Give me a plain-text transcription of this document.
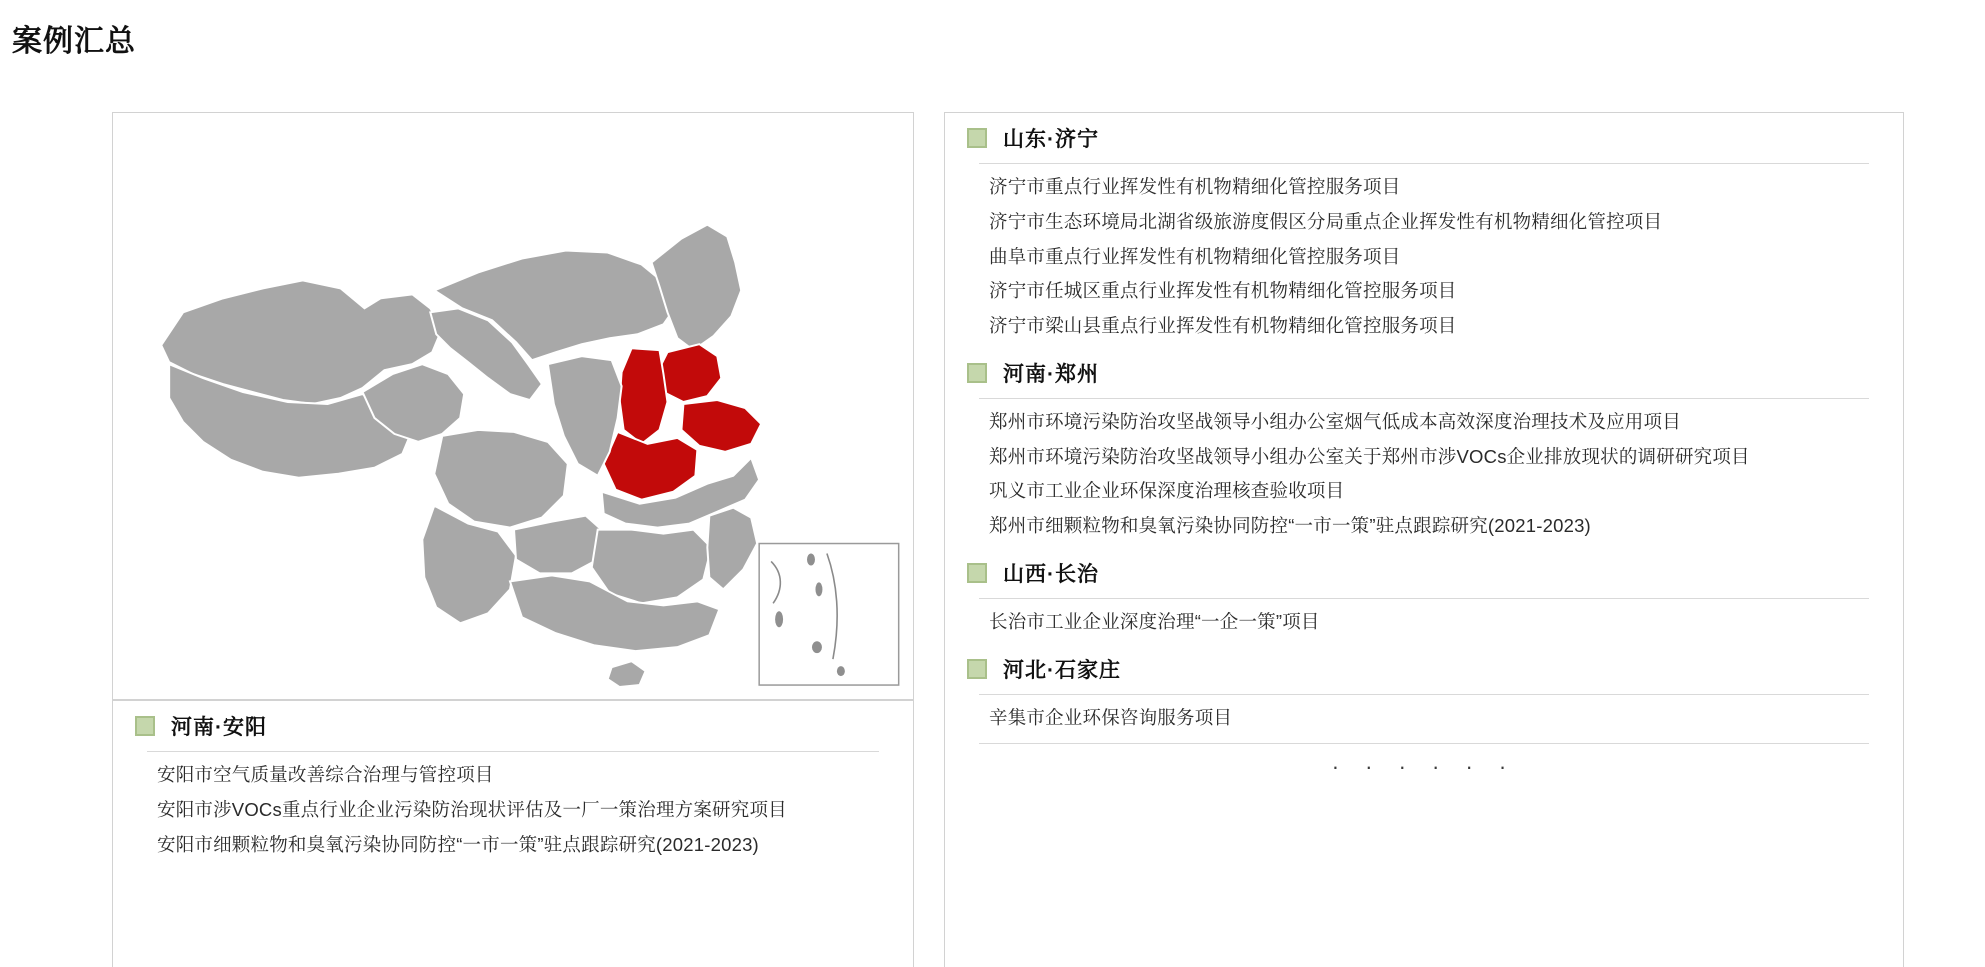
案例汇总
河南·安阳
安阳市空气质量改善综合治理与管控项目
安阳市涉VOCs重点行业企业污染防治现状评估及一厂一策治理方案研究项目
安阳市细颗粒物和臭氧污染协同防控“一市一策”驻点跟踪研究(2021-2023)
山东·济宁
济宁市重点行业挥发性有机物精细化管控服务项目
济宁市生态环境局北湖省级旅游度假区分局重点企业挥发性有机物精细化管控项目
曲阜市重点行业挥发性有机物精细化管控服务项目
济宁市任城区重点行业挥发性有机物精细化管控服务项目
济宁市梁山县重点行业挥发性有机物精细化管控服务项目
河南·郑州
郑州市环境污染防治攻坚战领导小组办公室烟气低成本高效深度治理技术及应用项目
郑州市环境污染防治攻坚战领导小组办公室关于郑州市涉VOCs企业排放现状的调研研究项目
巩义市工业企业环保深度治理核查验收项目
郑州市细颗粒物和臭氧污染协同防控“一市一策”驻点跟踪研究(2021-2023)
山西·长治
长治市工业企业深度治理“一企一策”项目
河北·石家庄
辛集市企业环保咨询服务项目
· · · · · ·
